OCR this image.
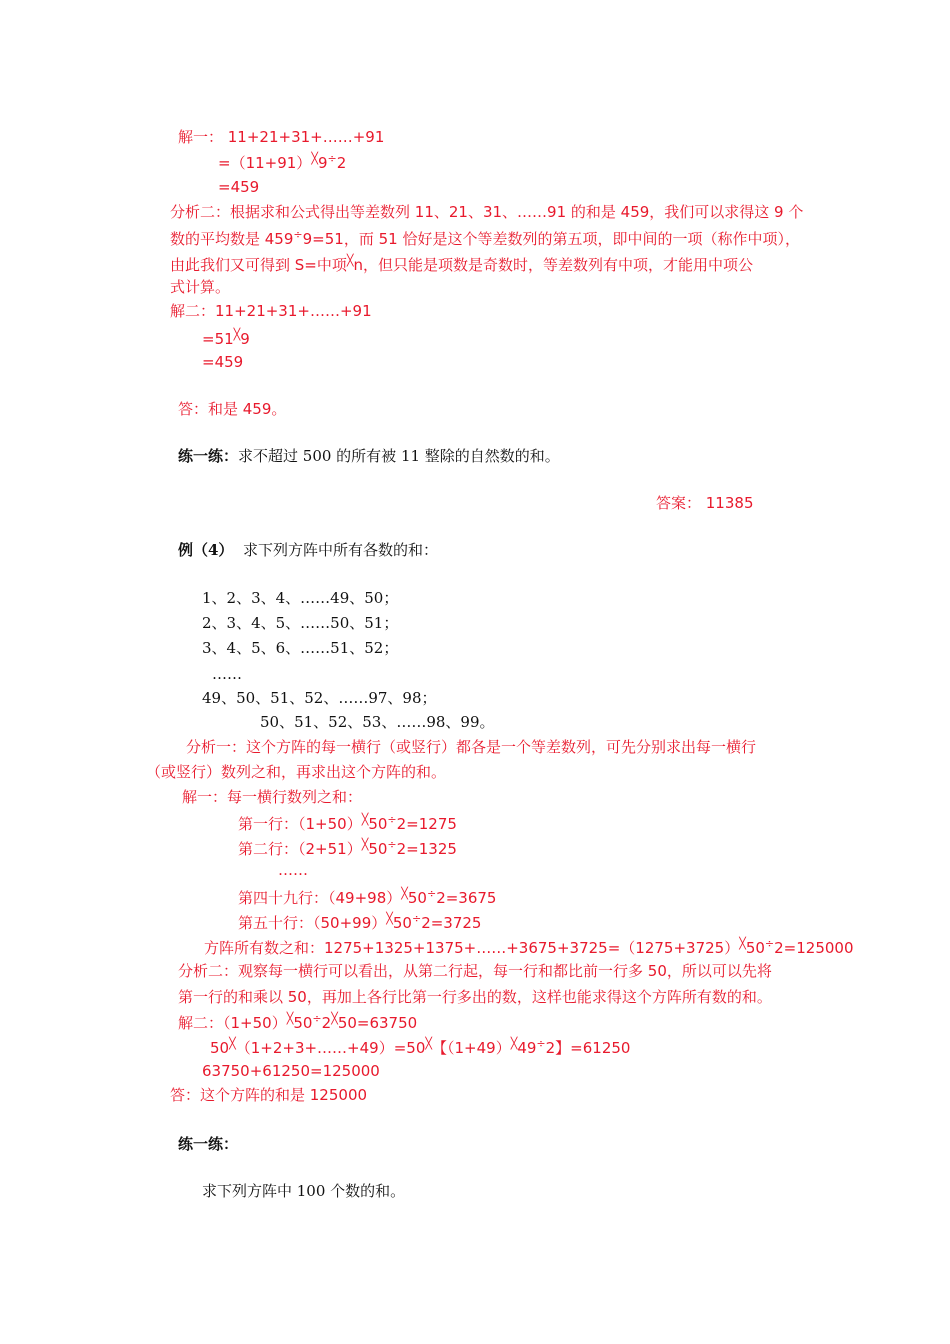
解一： 11+21+31+……+91
=（11+91）╳9÷2
=459
分析二：根据求和公式得出等差数列 11、21、31、……91 的和是 459，我们可以求得这 9 个
数的平均数是 459÷9=51，而 51 恰好是这个等差数列的第五项，即中间的一项（称作中项），
由此我们又可得到 S=中项╳n，但只能是项数是奇数时，等差数列有中项，才能用中项公
式计算。
解二：11+21+31+……+91
=51╳9
=459
答：和是 459。
练一练：求不超过 500 的所有被 11 整除的自然数的和。
答案： 11385
例（4） 求下列方阵中所有各数的和：
1、2、3、4、……49、50；
2、3、4、5、……50、51；
3、4、5、6、……51、52；
……
49、50、51、52、……97、98；
50、51、52、53、……98、99。
分析一：这个方阵的每一横行（或竖行）都各是一个等差数列，可先分别求出每一横行
（或竖行）数列之和，再求出这个方阵的和。
解一：每一横行数列之和：
第一行：（1+50）╳50÷2=1275
第二行：（2+51）╳50÷2=1325
……
第四十九行：（49+98）╳50÷2=3675
第五十行：（50+99）╳50÷2=3725
方阵所有数之和：1275+1325+1375+……+3675+3725=（1275+3725）╳50÷2=125000
分析二：观察每一横行可以看出，从第二行起，每一行和都比前一行多 50，所以可以先将
第一行的和乘以 50，再加上各行比第一行多出的数，这样也能求得这个方阵所有数的和。
解二：（1+50）╳50÷2╳50=63750
50╳（1+2+3+……+49）=50╳【（1+49）╳49÷2】=61250
63750+61250=125000
答：这个方阵的和是 125000
练一练：
求下列方阵中 100 个数的和。
